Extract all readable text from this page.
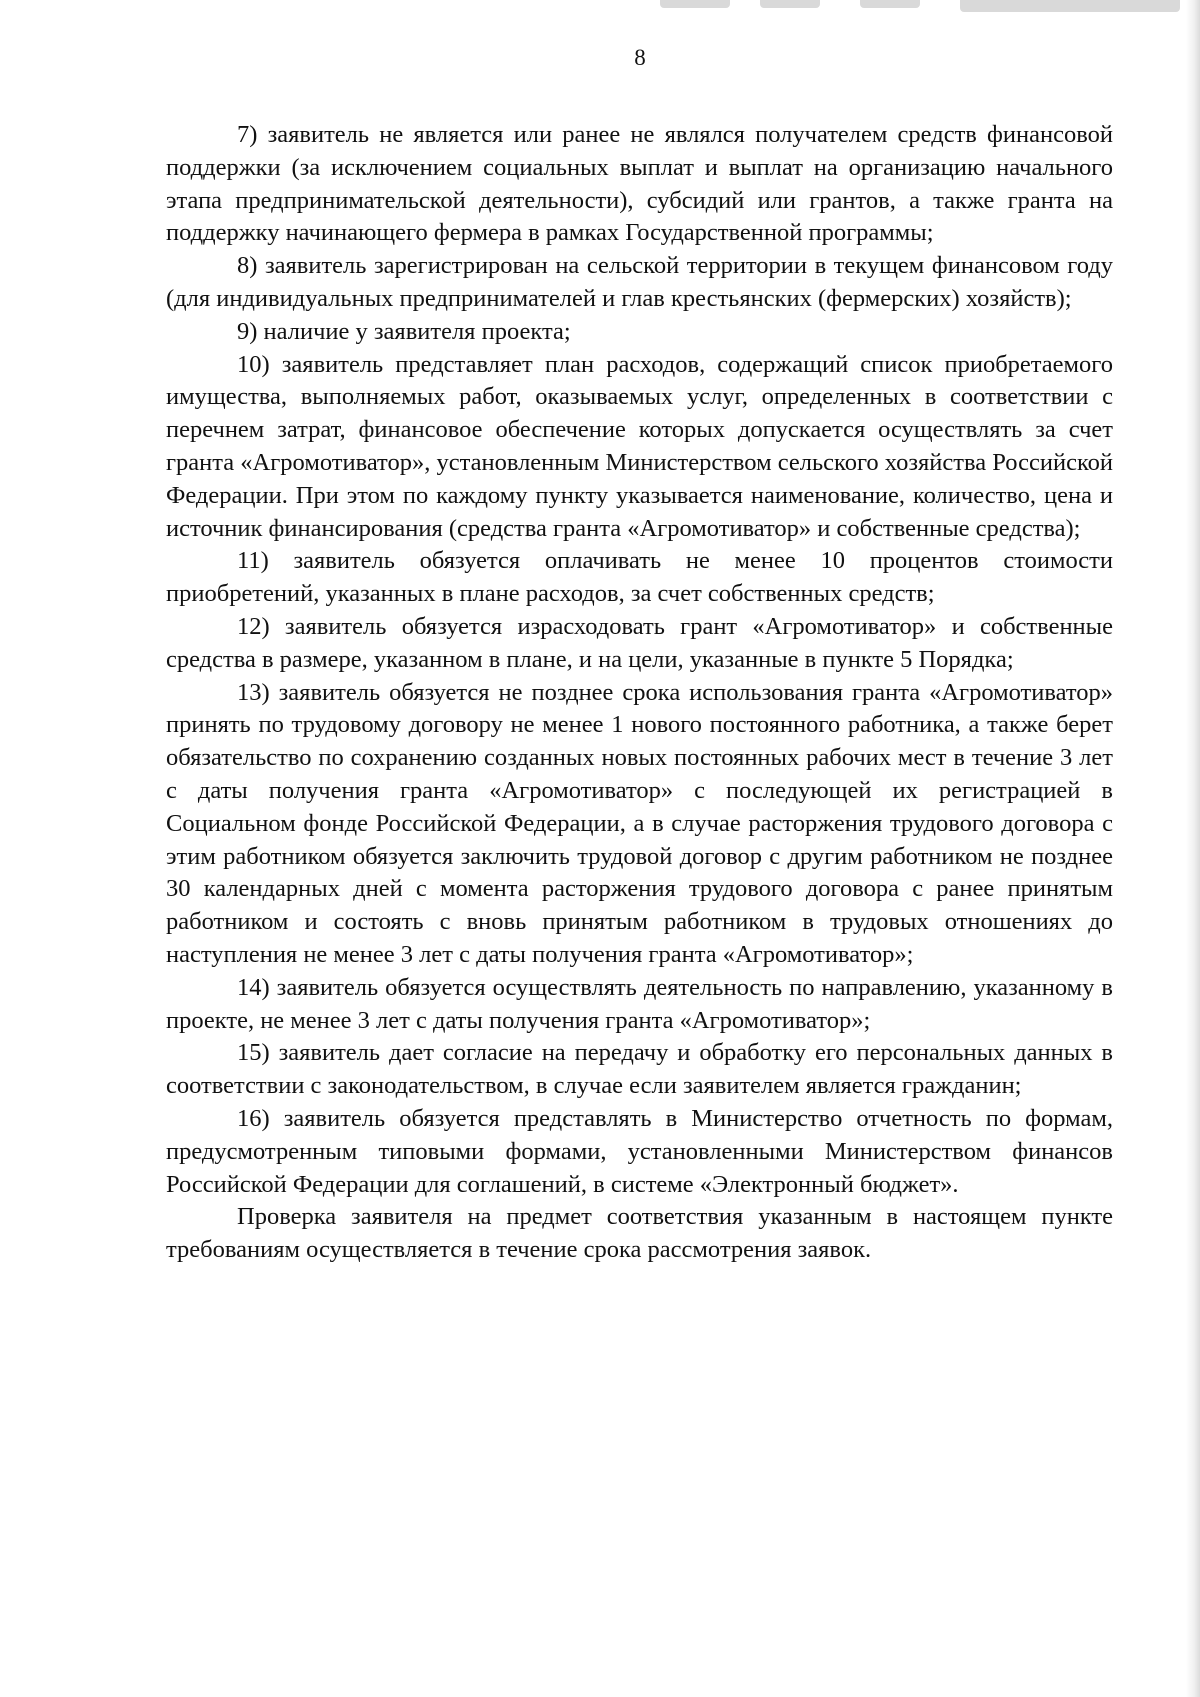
8

7) заявитель не является или ранее не являлся получателем средств финансовой поддержки (за исключением социальных выплат и выплат на организацию начального этапа предпринимательской деятельности), субсидий или грантов, а также гранта на поддержку начинающего фермера в рамках Государственной программы;

8) заявитель зарегистрирован на сельской территории в текущем финансовом году (для индивидуальных предпринимателей и глав крестьянских (фермерских) хозяйств);

9) наличие у заявителя проекта;

10) заявитель представляет план расходов, содержащий список приобретаемого имущества, выполняемых работ, оказываемых услуг, определенных в соответствии с перечнем затрат, финансовое обеспечение которых допускается осуществлять за счет гранта «Агромотиватор», установленным Министерством сельского хозяйства Российской Федерации. При этом по каждому пункту указывается наименование, количество, цена и источник финансирования (средства гранта «Агромотиватор» и собственные средства);

11) заявитель обязуется оплачивать не менее 10 процентов стоимости приобретений, указанных в плане расходов, за счет собственных средств;

12) заявитель обязуется израсходовать грант «Агромотиватор» и собственные средства в размере, указанном в плане, и на цели, указанные в пункте 5 Порядка;

13) заявитель обязуется не позднее срока использования гранта «Агромотиватор» принять по трудовому договору не менее 1 нового постоянного работника, а также берет обязательство по сохранению созданных новых постоянных рабочих мест в течение 3 лет с даты получения гранта «Агромотиватор» с последующей их регистрацией в Социальном фонде Российской Федерации, а в случае расторжения трудового договора с этим работником обязуется заключить трудовой договор с другим работником не позднее 30 календарных дней с момента расторжения трудового договора с ранее принятым работником и состоять с вновь принятым работником в трудовых отношениях до наступления не менее 3 лет с даты получения гранта «Агромотиватор»;

14) заявитель обязуется осуществлять деятельность по направлению, указанному в проекте, не менее 3 лет с даты получения гранта «Агромотиватор»;

15) заявитель дает согласие на передачу и обработку его персональных данных в соответствии с законодательством, в случае если заявителем является гражданин;

16) заявитель обязуется представлять в Министерство отчетность по формам, предусмотренным типовыми формами, установленными Министерством финансов Российской Федерации для соглашений, в системе «Электронный бюджет».

Проверка заявителя на предмет соответствия указанным в настоящем пункте требованиям осуществляется в течение срока рассмотрения заявок.
